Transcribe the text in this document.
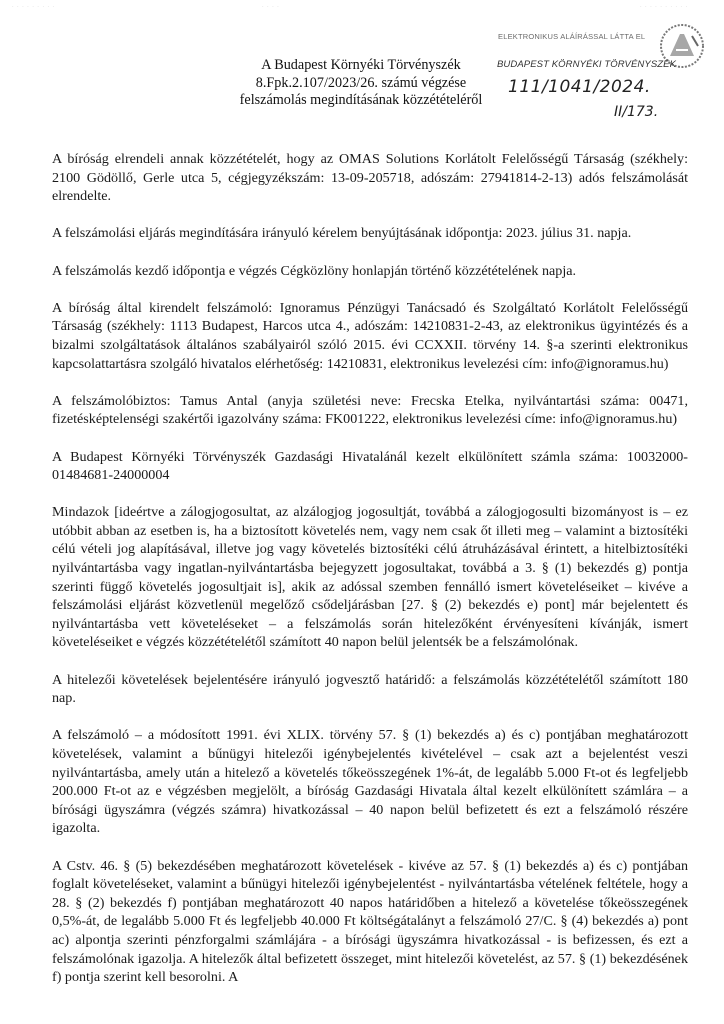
· · · · · · · · ·	· · · ·	· · · · · · · · · ·
ELEKTRONIKUS ALÁÍRÁSSAL LÁTTA EL
BUDAPEST KÖRNYÉKI TÖRVÉNYSZÉK
111/1041/2024.
II/173.
A Budapest Környéki Törvényszék
8.Fpk.2.107/2023/26. számú végzése
felszámolás megindításának közzétételéről

A bíróság elrendeli annak közzétételét, hogy az OMAS Solutions Korlátolt Felelősségű Társaság (székhely: 2100 Gödöllő, Gerle utca 5, cégjegyzékszám: 13-09-205718, adószám: 27941814-2-13) adós felszámolását elrendelte.

A felszámolási eljárás megindítására irányuló kérelem benyújtásának időpontja: 2023. július 31. napja.

A felszámolás kezdő időpontja e végzés Cégközlöny honlapján történő közzétételének napja.

A bíróság által kirendelt felszámoló: Ignoramus Pénzügyi Tanácsadó és Szolgáltató Korlátolt Felelősségű Társaság (székhely: 1113 Budapest, Harcos utca 4., adószám: 14210831-2-43, az elektronikus ügyintézés és a bizalmi szolgáltatások általános szabályairól szóló 2015. évi CCXXII. törvény 14. §-a szerinti elektronikus kapcsolattartásra szolgáló hivatalos elérhetőség: 14210831, elektronikus levelezési cím: info@ignoramus.hu)

A felszámolóbiztos: Tamus Antal (anyja születési neve: Frecska Etelka, nyilvántartási száma: 00471, fizetésképtelenségi szakértői igazolvány száma: FK001222, elektronikus levelezési címe: info@ignoramus.hu)

A Budapest Környéki Törvényszék Gazdasági Hivatalánál kezelt elkülönített számla száma: 10032000-01484681-24000004

Mindazok [ideértve a zálogjogosultat, az alzálogjog jogosultját, továbbá a zálogjogosulti bizományost is – ez utóbbit abban az esetben is, ha a biztosított követelés nem, vagy nem csak őt illeti meg – valamint a biztosítéki célú vételi jog alapításával, illetve jog vagy követelés biztosítéki célú átruházásával érintett, a hitelbiztosítéki nyilvántartásba vagy ingatlan-nyilvántartásba bejegyzett jogosultakat, továbbá a 3. § (1) bekezdés g) pontja szerinti függő követelés jogosultjait is], akik az adóssal szemben fennálló ismert követeléseiket – kivéve a felszámolási eljárást közvetlenül megelőző csődeljárásban [27. § (2) bekezdés e) pont] már bejelentett és nyilvántartásba vett követeléseket – a felszámolás során hitelezőként érvényesíteni kívánják, ismert követeléseiket e végzés közzétételétől számított 40 napon belül jelentsék be a felszámolónak.

A hitelezői követelések bejelentésére irányuló jogvesztő határidő: a felszámolás közzétételétől számított 180 nap.

A felszámoló – a módosított 1991. évi XLIX. törvény 57. § (1) bekezdés a) és c) pontjában meghatározott követelések, valamint a bűnügyi hitelezői igénybejelentés kivételével – csak azt a bejelentést veszi nyilvántartásba, amely után a hitelező a követelés tőkeösszegének 1%-át, de legalább 5.000 Ft-ot és legfeljebb 200.000 Ft-ot az e végzésben megjelölt, a bíróság Gazdasági Hivatala által kezelt elkülönített számlára – a bírósági ügyszámra (végzés számra) hivatkozással – 40 napon belül befizetett és ezt a felszámoló részére igazolta.

A Cstv. 46. § (5) bekezdésében meghatározott követelések - kivéve az 57. § (1) bekezdés a) és c) pontjában foglalt követeléseket, valamint a bűnügyi hitelezői igénybejelentést - nyilvántartásba vételének feltétele, hogy a 28. § (2) bekezdés f) pontjában meghatározott 40 napos határidőben a hitelező a követelése tőkeösszegének 0,5%-át, de legalább 5.000 Ft és legfeljebb 40.000 Ft költségátalányt a felszámoló 27/C. § (4) bekezdés a) pont ac) alpontja szerinti pénzforgalmi számlájára - a bírósági ügyszámra hivatkozással - is befizessen, és ezt a felszámolónak igazolja. A hitelezők által befizetett összeget, mint hitelezői követelést, az 57. § (1) bekezdésének f) pontja szerint kell besorolni. A
